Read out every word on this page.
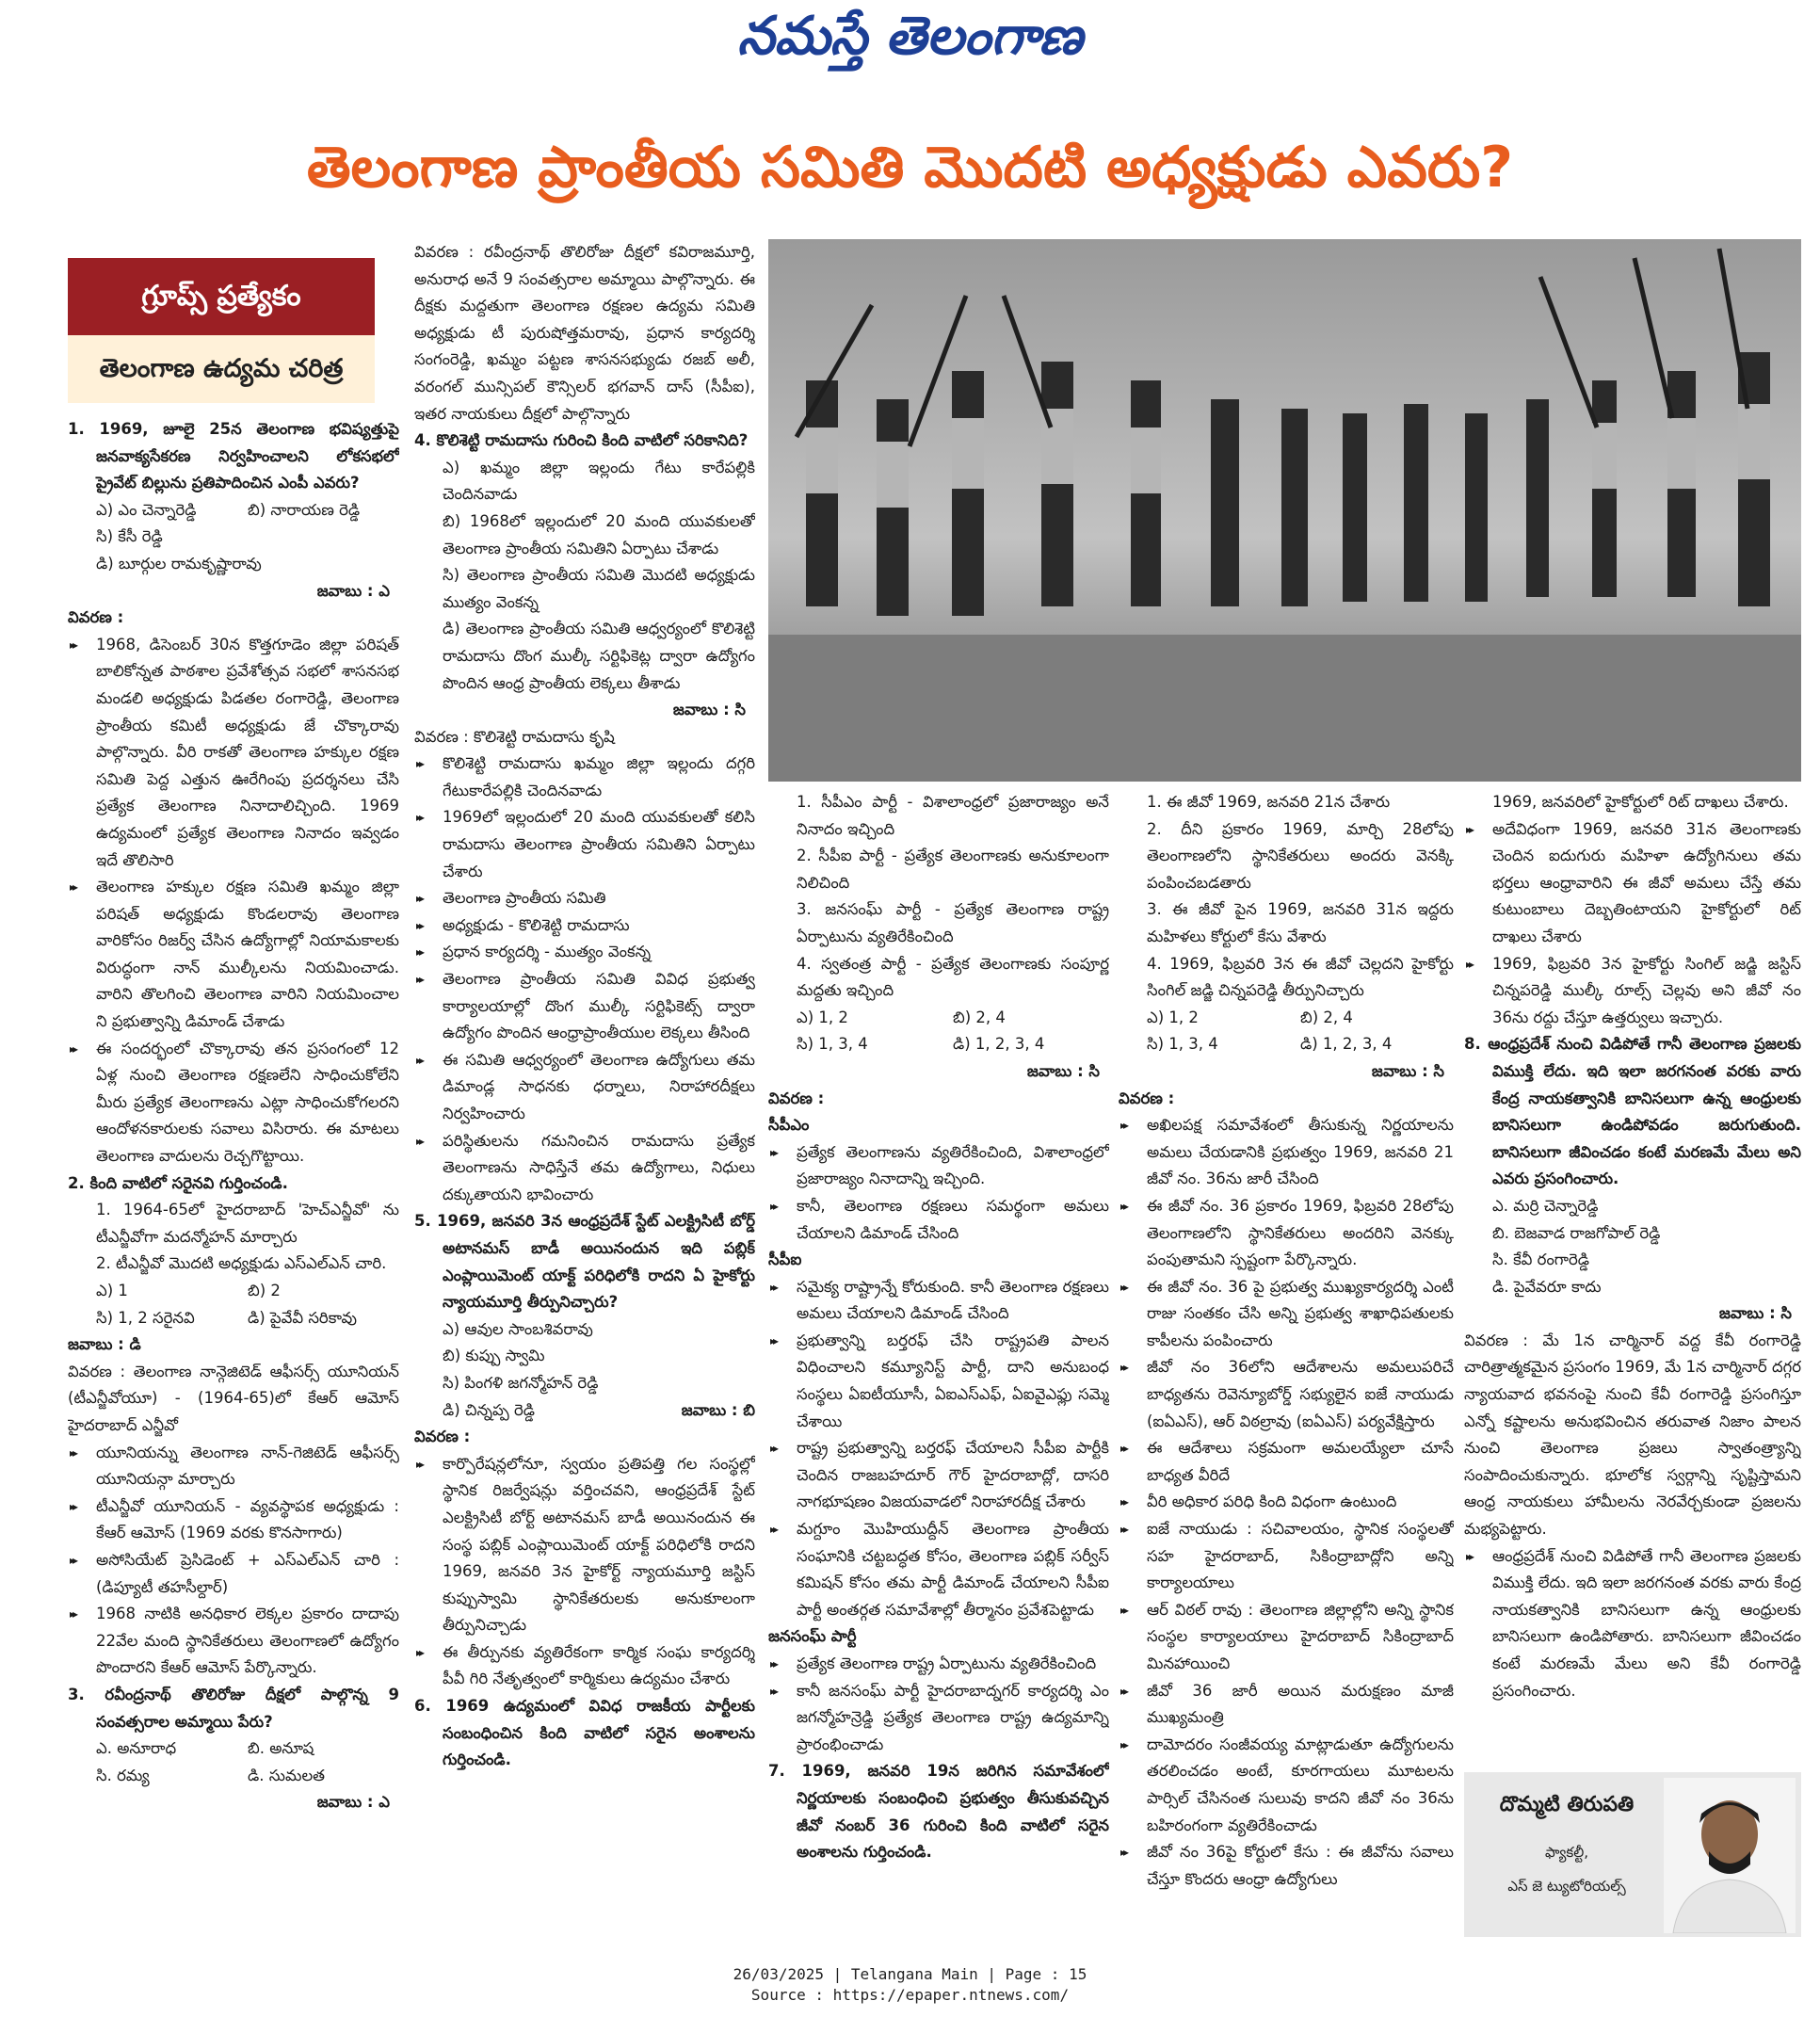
నమస్తే తెలంగాణ
తెలంగాణ ప్రాంతీయ సమితి మొదటి అధ్యక్షుడు ఎవరు?
గ్రూప్స్ ప్రత్యేకం
తెలంగాణ ఉద్యమ చరిత్ర

1. 1969, జూలై 25న తెలంగాణ భవిష్యత్తుపై జనవాక్యసేకరణ నిర్వహించాలని లోకసభలో ప్రైవేట్ బిల్లును ప్రతిపాదించిన ఎంపీ ఎవరు?

ఎ) ఎం చెన్నారెడ్డి	బి) నారాయణ రెడ్డి

సి) కేసీ రెడ్డి

డి) బూర్గుల రామకృష్ణారావు

జవాబు : ఎ

వివరణ :

▸▸ 1968, డిసెంబర్ 30న కొత్తగూడెం జిల్లా పరిషత్ బాలికోన్నత పాఠశాల ప్రవేశోత్సవ సభలో శాసనసభ మండలి అధ్యక్షుడు పిడతల రంగారెడ్డి, తెలంగాణ ప్రాంతీయ కమిటీ అధ్యక్షుడు జే చొక్కారావు పాల్గొన్నారు. వీరి రాకతో తెలంగాణ హక్కుల రక్షణ సమితి పెద్ద ఎత్తున ఊరేగింపు ప్రదర్శనలు చేసి ప్రత్యేక తెలంగాణ నినాదాలిచ్చింది. 1969 ఉద్యమంలో ప్రత్యేక తెలంగాణ నినాదం ఇవ్వడం ఇదే తొలిసారి

▸▸ తెలంగాణ హక్కుల రక్షణ సమితి ఖమ్మం జిల్లా పరిషత్ అధ్యక్షుడు కొండలరావు తెలంగాణ వారికోసం రిజర్వ్ చేసిన ఉద్యోగాల్లో నియామకాలకు విరుద్ధంగా నాన్ ముల్కీలను నియమించాడు. వారిని తొలగించి తెలంగాణ వారిని నియమించాల ని ప్రభుత్వాన్ని డిమాండ్ చేశాడు

▸▸ ఈ సందర్భంలో చొక్కారావు తన ప్రసంగంలో 12 ఏళ్ల నుంచి తెలంగాణ రక్షణలేని సాధించుకోలేని మీరు ప్రత్యేక తెలంగాణను ఎట్లా సాధించుకోగలరని ఆందోళనకారులకు సవాలు విసిరారు. ఈ మాటలు తెలంగాణ వాదులను రెచ్చగొట్టాయి.

2. కింది వాటిలో సరైనవి గుర్తించండి.

1. 1964-65లో హైదరాబాద్ 'హెచ్ఎన్జీవో' ను టీఎన్జీవోగా మదన్మోహన్ మార్చారు

2. టీఎన్జీవో మొదటి అధ్యక్షుడు ఎస్ఎల్ఎన్ చారి.

ఎ) 1	బి) 2
సి) 1, 2 సరైనవి	డి) పైవేవీ సరికావు

జవాబు : డి

వివరణ : తెలంగాణ నాన్గెజిటెడ్ ఆఫీసర్స్ యూనియన్ (టీఎన్జీవోయూ) - (1964-65)లో కేఆర్ ఆమోస్ హైదరాబాద్ ఎన్జీవో

▸▸ యూనియన్ను తెలంగాణ నాన్-గెజిటెడ్ ఆఫీసర్స్ యూనియన్గా మార్చారు

▸▸ టీఎన్జీవో యూనియన్ - వ్యవస్థాపక అధ్యక్షుడు : కేఆర్ ఆమోస్ (1969 వరకు కొనసాగారు)

▸▸ అసోసియేట్ ప్రెసిడెంట్ + ఎస్ఎల్ఎన్ చారి : (డిప్యూటీ తహసీల్దార్)

▸▸ 1968 నాటికి అనధికార లెక్కల ప్రకారం దాదాపు 22వేల మంది స్థానికేతరులు తెలంగాణలో ఉద్యోగం పొందారని కేఆర్ ఆమోస్ పేర్కొన్నారు.

3. రవీంద్రనాథ్ తొలిరోజు దీక్షలో పాల్గొన్న 9 సంవత్సరాల అమ్మాయి పేరు?

ఎ. అనూరాధ	బి. అనూష
సి. రమ్య	డి. సుమలత

జవాబు : ఎ

వివరణ : రవీంద్రనాథ్ తొలిరోజు దీక్షలో కవిరాజమూర్తి, అనురాధ అనే 9 సంవత్సరాల అమ్మాయి పాల్గొన్నారు. ఈ దీక్షకు మద్దతుగా తెలంగాణ రక్షణల ఉద్యమ సమితి అధ్యక్షుడు టీ పురుషోత్తమరావు, ప్రధాన కార్యదర్శి సంగంరెడ్డి, ఖమ్మం పట్టణ శాసనసభ్యుడు రజబ్ అలీ, వరంగల్ మున్సిపల్ కౌన్సిలర్ భగవాన్ దాస్ (సీపీఐ), ఇతర నాయకులు దీక్షలో పాల్గొన్నారు

4. కొలిశెట్టి రామదాసు గురించి కింది వాటిలో సరికానిది?

ఎ) ఖమ్మం జిల్లా ఇల్లందు గేటు కారేపల్లికి చెందినవాడు

బి) 1968లో ఇల్లందులో 20 మంది యువకులతో తెలంగాణ ప్రాంతీయ సమితిని ఏర్పాటు చేశాడు

సి) తెలంగాణ ప్రాంతీయ సమితి మొదటి అధ్యక్షుడు ముత్యం వెంకన్న

డి) తెలంగాణ ప్రాంతీయ సమితి ఆధ్వర్యంలో కొలిశెట్టి రామదాసు దొంగ ముల్కీ సర్టిఫికెట్ల ద్వారా ఉద్యోగం పొందిన ఆంధ్ర ప్రాంతీయ లెక్కలు తీశాడు

జవాబు : సి

వివరణ : కొలిశెట్టి రామదాసు కృషి

▸▸ కొలిశెట్టి రామదాసు ఖమ్మం జిల్లా ఇల్లందు దగ్గరి గేటుకారేపల్లికి చెందినవాడు

▸▸ 1969లో ఇల్లందులో 20 మంది యువకులతో కలిసి రామదాసు తెలంగాణ ప్రాంతీయ సమితిని ఏర్పాటు చేశారు

▸▸ తెలంగాణ ప్రాంతీయ సమితి

▸▸ అధ్యక్షుడు - కొలిశెట్టి రామదాసు

▸▸ ప్రధాన కార్యదర్శి - ముత్యం వెంకన్న

▸▸ తెలంగాణ ప్రాంతీయ సమితి వివిధ ప్రభుత్వ కార్యాలయాల్లో దొంగ ముల్కీ సర్టిఫికెట్స్ ద్వారా ఉద్యోగం పొందిన ఆంధ్రాప్రాంతీయుల లెక్కలు తీసింది

▸▸ ఈ సమితి ఆధ్వర్యంలో తెలంగాణ ఉద్యోగులు తమ డిమాండ్ల సాధనకు ధర్నాలు, నిరాహారదీక్షలు నిర్వహించారు

▸▸ పరిస్థితులను గమనించిన రామదాసు ప్రత్యేక తెలంగాణను సాధిస్తేనే తమ ఉద్యోగాలు, నిధులు దక్కుతాయని భావించారు

5. 1969, జనవరి 3న ఆంధ్రప్రదేశ్ స్టేట్ ఎలక్ట్రిసిటీ బోర్డ్ అటానమస్ బాడీ అయినందున ఇది పబ్లిక్ ఎంప్లాయిమెంట్ యాక్ట్ పరిధిలోకి రాదని ఏ హైకోర్టు న్యాయమూర్తి తీర్పునిచ్చారు?

ఎ) ఆవుల సాంబశివరావు

బి) కుప్పు స్వామి

సి) పింగళి జగన్మోహన్ రెడ్డి

డి) చిన్నప్ప రెడ్డి	జవాబు : బి

వివరణ :

▸▸ కార్పొరేషన్లలోనూ, స్వయం ప్రతిపత్తి గల సంస్థల్లో స్థానిక రిజర్వేషన్లు వర్తించవని, ఆంధ్రప్రదేశ్ స్టేట్ ఎలక్ట్రిసిటీ బోర్ట్ అటానమస్ బాడీ అయినందున ఈ సంస్థ పబ్లిక్ ఎంప్లాయిమెంట్ యాక్ట్ పరిధిలోకి రాదని 1969, జనవరి 3న హైకోర్ట్ న్యాయమూర్తి జస్టిస్ కుప్పుస్వామి స్థానికేతరులకు అనుకూలంగా తీర్పునిచ్చాడు

▸▸ ఈ తీర్పునకు వ్యతిరేకంగా కార్మిక సంఘ కార్యదర్శి పీవీ గిరి నేతృత్వంలో కార్మికులు ఉద్యమం చేశారు

6. 1969 ఉద్యమంలో వివిధ రాజకీయ పార్టీలకు సంబంధించిన కింది వాటిలో సరైన అంశాలను గుర్తించండి.

1. సీపీఎం పార్టీ - విశాలాంధ్రలో ప్రజారాజ్యం అనే నినాదం ఇచ్చింది

2. సీపీఐ పార్టీ - ప్రత్యేక తెలంగాణకు అనుకూలంగా నిలిచింది

3. జనసంఘ్ పార్టీ - ప్రత్యేక తెలంగాణ రాష్ట్ర ఏర్పాటును వ్యతిరేకించింది

4. స్వతంత్ర పార్టీ - ప్రత్యేక తెలంగాణకు సంపూర్ణ మద్దతు ఇచ్చింది

ఎ) 1, 2	బి) 2, 4
సి) 1, 3, 4	డి) 1, 2, 3, 4

జవాబు : సి

వివరణ :

సీపీఎం

▸▸ ప్రత్యేక తెలంగాణను వ్యతిరేకించింది, విశాలాంధ్రలో ప్రజారాజ్యం నినాదాన్ని ఇచ్చింది.

▸▸ కానీ, తెలంగాణ రక్షణలు సమర్థంగా అమలు చేయాలని డిమాండ్ చేసింది

సీపీఐ

▸▸ సమైక్య రాష్ట్రాన్నే కోరుకుంది. కానీ తెలంగాణ రక్షణలు అమలు చేయాలని డిమాండ్ చేసింది

▸▸ ప్రభుత్వాన్ని బర్తరఫ్ చేసి రాష్ట్రపతి పాలన విధించాలని కమ్యూనిస్ట్ పార్టీ, దాని అనుబంధ సంస్థలు ఏఐటీయూసీ, ఏఐఎస్ఎఫ్, ఏఐవైఎఫ్లు సమ్మె చేశాయి

▸▸ రాష్ట్ర ప్రభుత్వాన్ని బర్తరఫ్ చేయాలని సీపీఐ పార్టీకి చెందిన రాజబహదూర్ గౌర్ హైదరాబాద్లో, దాసరి నాగభూషణం విజయవాడలో నిరాహారదీక్ష చేశారు

▸▸ మగ్దూం మొహియుద్దీన్ తెలంగాణ ప్రాంతీయ సంఘానికి చట్టబద్ధత కోసం, తెలంగాణ పబ్లిక్ సర్వీస్ కమిషన్ కోసం తమ పార్టీ డిమాండ్ చేయాలని సీపీఐ పార్టీ అంతర్గత సమావేశాల్లో తీర్మానం ప్రవేశపెట్టాడు

జనసంఘ్ పార్టీ

▸▸ ప్రత్యేక తెలంగాణ రాష్ట్ర ఏర్పాటును వ్యతిరేకించింది

▸▸ కానీ జనసంఘ్ పార్టీ హైదరాబాద్నగర్ కార్యదర్శి ఎం జగన్మోహన్రెడ్డి ప్రత్యేక తెలంగాణ రాష్ట్ర ఉద్యమాన్ని ప్రారంభించాడు

7. 1969, జనవరి 19న జరిగిన సమావేశంలో నిర్ణయాలకు సంబంధించి ప్రభుత్వం తీసుకువచ్చిన జీవో నంబర్ 36 గురించి కింది వాటిలో సరైన అంశాలను గుర్తించండి.

1. ఈ జీవో 1969, జనవరి 21న చేశారు

2. దీని ప్రకారం 1969, మార్చి 28లోపు తెలంగాణలోని స్థానికేతరులు అందరు వెనక్కి పంపించబడతారు

3. ఈ జీవో పైన 1969, జనవరి 31న ఇద్దరు మహిళలు కోర్టులో కేసు వేశారు

4. 1969, ఫిబ్రవరి 3న ఈ జీవో చెల్లదని హైకోర్టు సింగిల్ జడ్జి చిన్నపరెడ్డి తీర్పునిచ్చారు

ఎ) 1, 2	బి) 2, 4
సి) 1, 3, 4	డి) 1, 2, 3, 4

జవాబు : సి

వివరణ :

▸▸ అఖిలపక్ష సమావేశంలో తీసుకున్న నిర్ణయాలను అమలు చేయడానికి ప్రభుత్వం 1969, జనవరి 21 జీవో నం. 36ను జారీ చేసింది

▸▸ ఈ జీవో నం. 36 ప్రకారం 1969, ఫిబ్రవరి 28లోపు తెలంగాణలోని స్థానికేతరులు అందరిని వెనక్కు పంపుతామని స్పష్టంగా పేర్కొన్నారు.

▸▸ ఈ జీవో నం. 36 పై ప్రభుత్వ ముఖ్యకార్యదర్శి ఎంటీ రాజు సంతకం చేసి అన్ని ప్రభుత్వ శాఖాధిపతులకు కాపీలను పంపించారు

▸▸ జీవో నం 36లోని ఆదేశాలను అమలుపరిచే బాధ్యతను రెవెన్యూబోర్డ్ సభ్యులైన ఐజే నాయుడు (ఐఏఎస్), ఆర్ విఠల్రావు (ఐఏఎస్) పర్యవేక్షిస్తారు

▸▸ ఈ ఆదేశాలు సక్రమంగా అమలయ్యేలా చూసే బాధ్యత వీరిదే

▸▸ వీరి అధికార పరిధి కింది విధంగా ఉంటుంది

▸▸ ఐజే నాయుడు : సచివాలయం, స్థానిక సంస్థలతో సహ హైదరాబాద్, సికింద్రాబాద్లోని అన్ని కార్యాలయాలు

▸▸ ఆర్ విఠల్ రావు : తెలంగాణ జిల్లాల్లోని అన్ని స్థానిక సంస్థల కార్యాలయాలు హైదరాబాద్ సికింద్రాబాద్ మినహాయించి

▸▸ జీవో 36 జారీ అయిన మరుక్షణం మాజీ ముఖ్యమంత్రి

▸▸ దామోదరం సంజీవయ్య మాట్లాడుతూ ఉద్యోగులను తరలించడం అంటే, కూరగాయలు మూటలను పార్సిల్ చేసినంత సులువు కాదని జీవో నం 36ను బహిరంగంగా వ్యతిరేకించాడు

▸▸ జీవో నం 36పై కోర్టులో కేసు : ఈ జీవోను సవాలు చేస్తూ కొందరు ఆంధ్రా ఉద్యోగులు

1969, జనవరిలో హైకోర్టులో రిట్ దాఖలు చేశారు.

▸▸ అదేవిధంగా 1969, జనవరి 31న తెలంగాణకు చెందిన ఐదుగురు మహిళా ఉద్యోగినులు తమ భర్తలు ఆంధ్రావారిని ఈ జీవో అమలు చేస్తే తమ కుటుంబాలు దెబ్బతింటాయని హైకోర్టులో రిట్ దాఖలు చేశారు

▸▸ 1969, ఫిబ్రవరి 3న హైకోర్టు సింగిల్ జడ్జి జస్టిస్ చిన్నపరెడ్డి ముల్కీ రూల్స్ చెల్లవు అని జీవో నం 36ను రద్దు చేస్తూ ఉత్తర్వులు ఇచ్చారు.

8. ఆంధ్రప్రదేశ్ నుంచి విడిపోతే గానీ తెలంగాణ ప్రజలకు విముక్తి లేదు. ఇది ఇలా జరగనంత వరకు వారు కేంద్ర నాయకత్వానికి బానిసలుగా ఉన్న ఆంధ్రులకు బానిసలుగా ఉండిపోవడం జరుగుతుంది. బానిసలుగా జీవించడం కంటే మరణమే మేలు అని ఎవరు ప్రసంగించారు.

ఎ. మర్రి చెన్నారెడ్డి

బి. బెజవాడ రాజగోపాల్ రెడ్డి

సి. కేవీ రంగారెడ్డి

డి. పైవేవరూ కాదు

జవాబు : సి

వివరణ : మే 1న చార్మినార్ వద్ద కేవీ రంగారెడ్డి చారిత్రాత్మకమైన ప్రసంగం 1969, మే 1న చార్మినార్ దగ్గర న్యాయవాద భవనంపై నుంచి కేవీ రంగారెడ్డి ప్రసంగిస్తూ ఎన్నో కష్టాలను అనుభవించిన తరువాత నిజాం పాలన నుంచి తెలంగాణ ప్రజలు స్వాతంత్ర్యాన్ని సంపాదించుకున్నారు. భూలోక స్వర్గాన్ని సృష్టిస్తామని ఆంధ్ర నాయకులు హామీలను నెరవేర్చకుండా ప్రజలను మభ్యపెట్టారు.

▸▸ ఆంధ్రప్రదేశ్ నుంచి విడిపోతే గానీ తెలంగాణ ప్రజలకు విముక్తి లేదు. ఇది ఇలా జరగనంత వరకు వారు కేంద్ర నాయకత్వానికి బానిసలుగా ఉన్న ఆంధ్రులకు బానిసలుగా ఉండిపోతారు. బానిసలుగా జీవించడం కంటే మరణమే మేలు అని కేవీ రంగారెడ్డి ప్రసంగించారు.

దొమ్మటి తిరుపతి
ఫ్యాకల్టీ,
ఎస్ జె ట్యుటోరియల్స్
26/03/2025 | Telangana Main | Page : 15
Source : https://epaper.ntnews.com/
